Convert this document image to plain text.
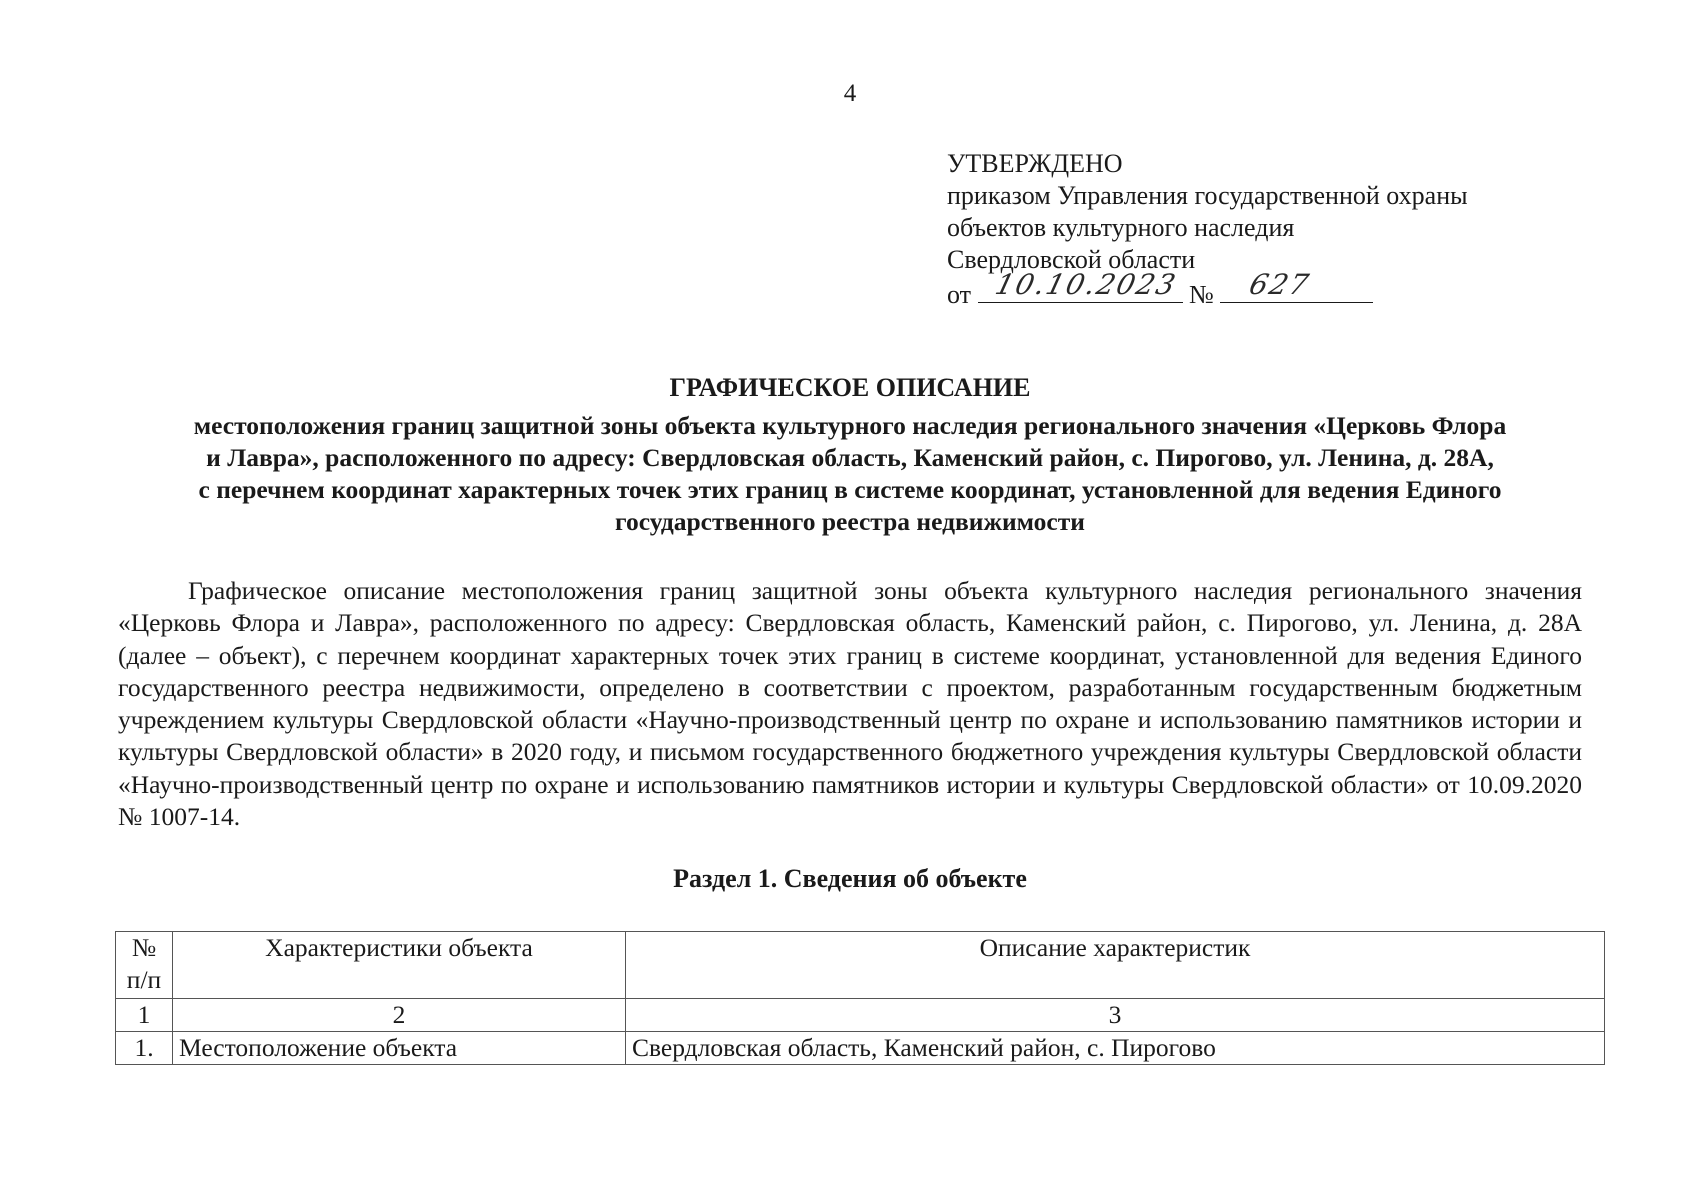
4
УТВЕРЖДЕНО
приказом Управления государственной охраны
объектов культурного наследия
Свердловской области
от 10.10.2023 № 627
ГРАФИЧЕСКОЕ ОПИСАНИЕ
местоположения границ защитной зоны объекта культурного наследия регионального значения «Церковь Флора
и Лавра», расположенного по адресу: Свердловская область, Каменский район, с. Пирогово, ул. Ленина, д. 28А,
с перечнем координат характерных точек этих границ в системе координат, установленной для ведения Единого
государственного реестра недвижимости
Графическое описание местоположения границ защитной зоны объекта культурного наследия регионального значения «Церковь Флора и Лавра», расположенного по адресу: Свердловская область, Каменский район, с. Пирогово, ул. Ленина, д. 28А (далее – объект), с перечнем координат характерных точек этих границ в системе координат, установленной для ведения Единого государственного реестра недвижимости, определено в соответствии с проектом, разработанным государственным бюджетным учреждением культуры Свердловской области «Научно-производственный центр по охране и использованию памятников истории и культуры Свердловской области» в 2020 году, и письмом государственного бюджетного учреждения культуры Свердловской области «Научно-производственный центр по охране и использованию памятников истории и культуры Свердловской области» от 10.09.2020 № 1007-14.
Раздел 1. Сведения об объекте
№
п/п	Характеристики объекта	Описание характеристик
1	2	3
1.	Местоположение объекта	Свердловская область, Каменский район, с. Пирогово
